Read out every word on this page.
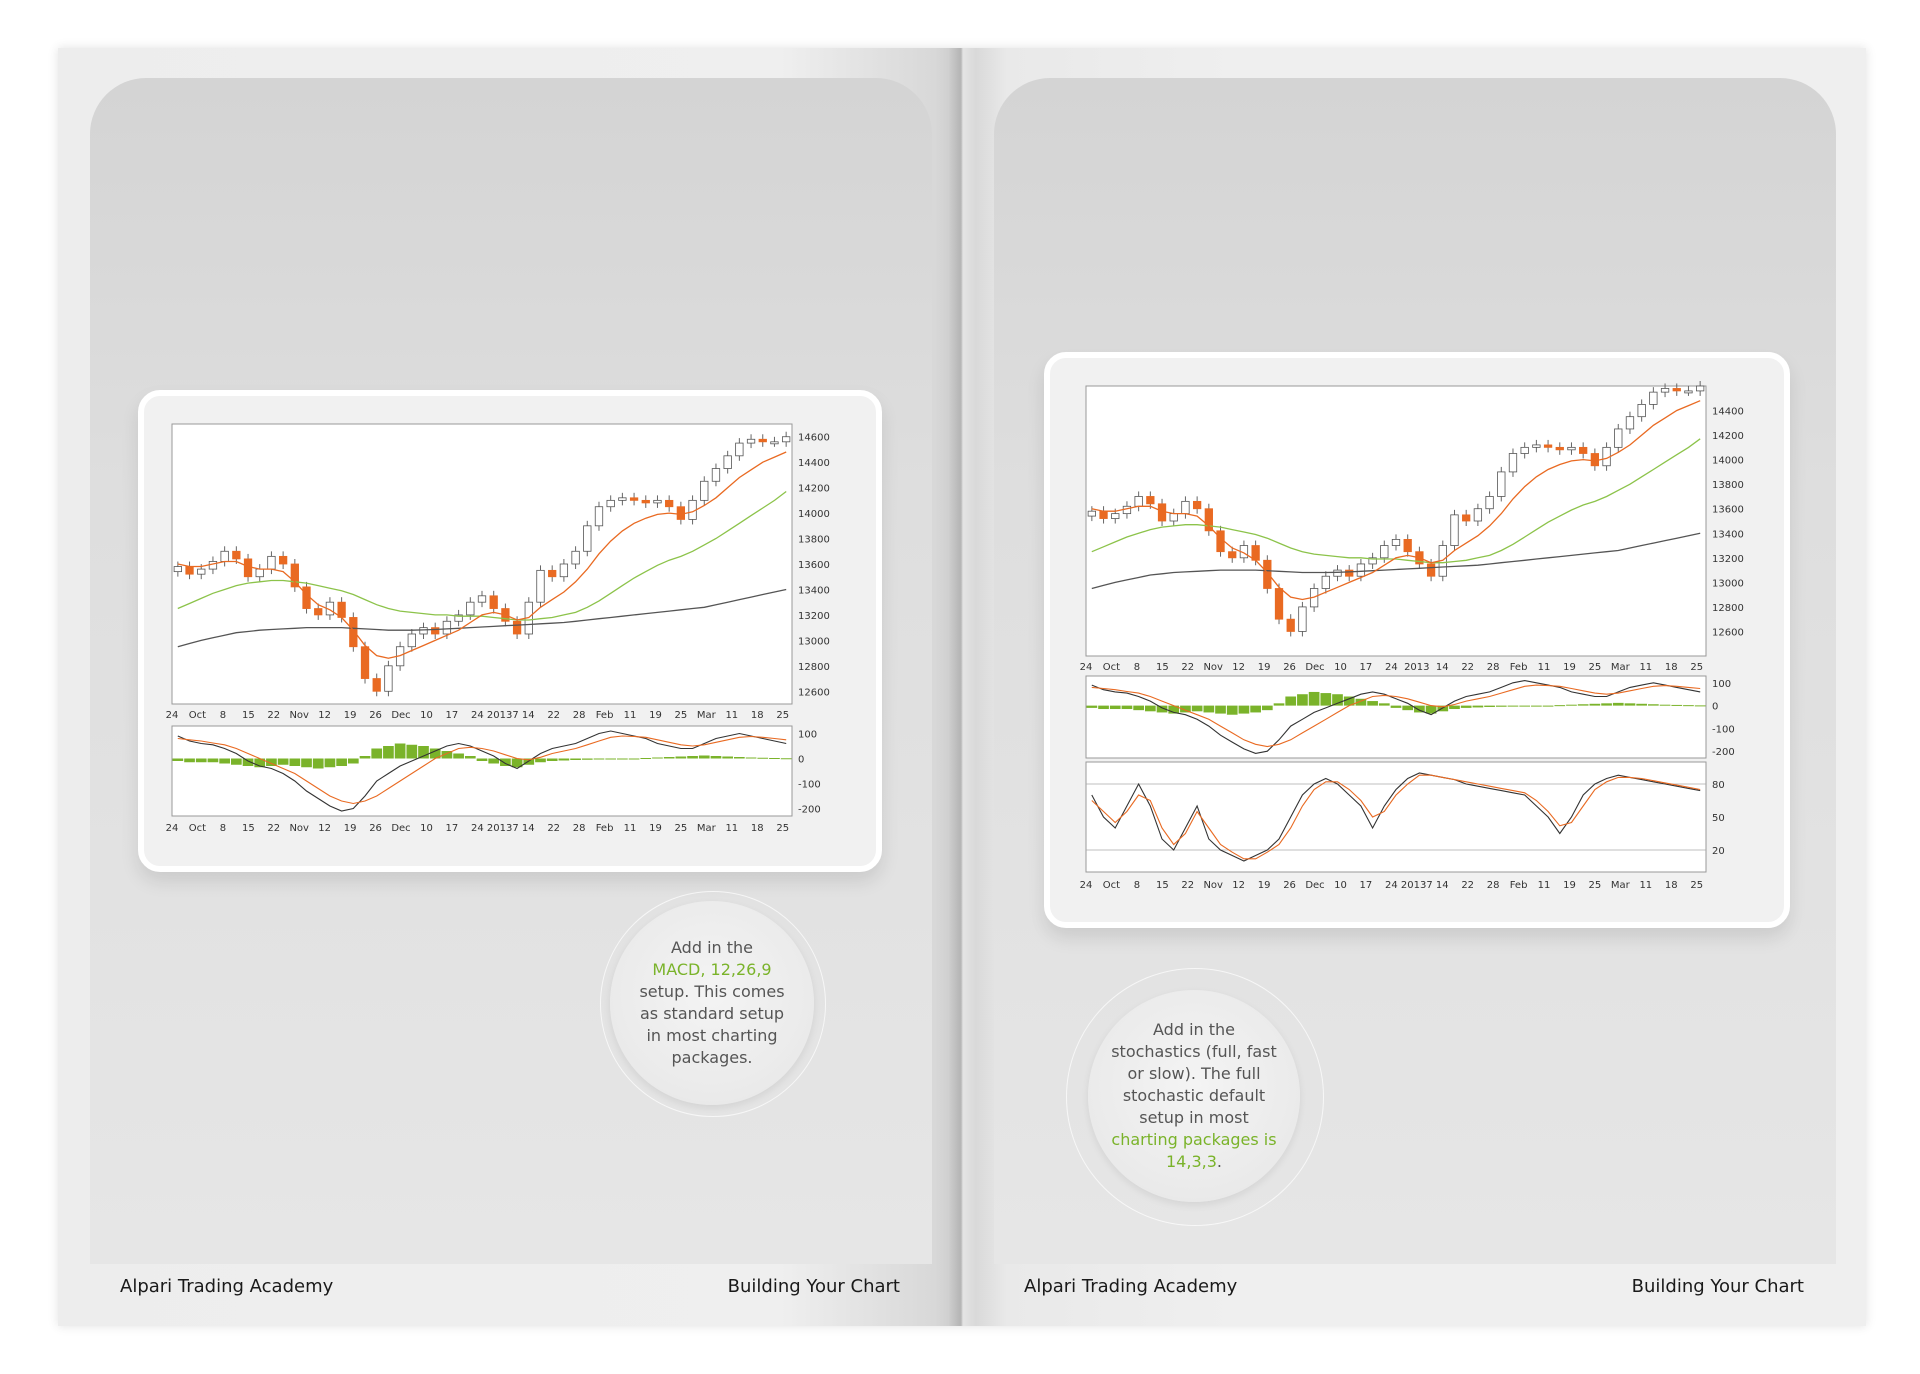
14600
14400
14200
14000
13800
13600
13400
13200
13000
12800
12600
24 Oct 8 15 22 Nov 12 19 26 Dec 10 17 24 20137 14 22 28 Feb 11 19 25 Mar 11 18 25
100
0
-100
-200
24 Oct 8 15 22 Nov 12 19 26 Dec 10 17 24 20137 14 22 28 Feb 11 19 25 Mar 11 18 25
Add in the
MACD, 12,26,9
setup. This comes as standard setup in most charting packages.
Alpari Trading Academy	Building Your Chart
14400
14200
14000
13800
13600
13400
13200
13000
12800
12600
24 Oct 8 15 22 Nov 12 19 26 Dec 10 17 24 2013 14 22 28 Feb 11 19 25 Mar 11 18 25
100
0
-100
-200
80
50
20
24 Oct 8 15 22 Nov 12 19 26 Dec 10 17 24 20137 14 22 28 Feb 11 19 25 Mar 11 18 25
Add in the stochastics (full, fast or slow). The full stochastic default setup in most charting packages is 14,3,3.
Alpari Trading Academy	Building Your Chart
